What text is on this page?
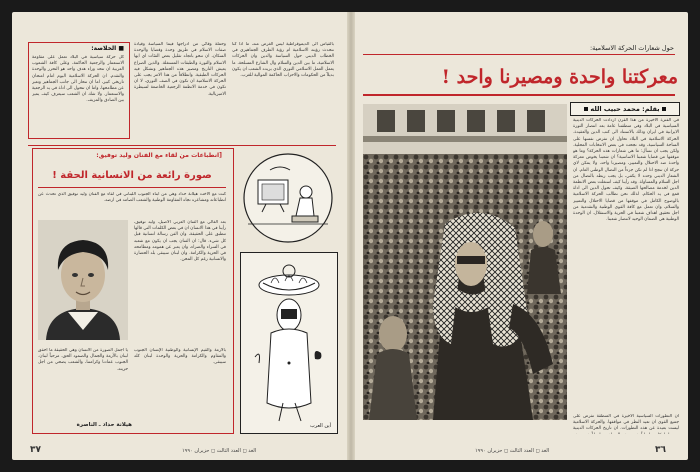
■ الخلاصة:
كل حركة سياسية في البلاد تعمل على مقاومة الاستعمار والرجعية الحاكمة، وعلى كافة الشعوب العربية ان تتحد وراء هدف واحد هو التحرر والوحدة والتقدم. ان الحركة الاسلامية اليوم امام امتحان تاريخي كبير، اما ان تنحاز الى جانب الجماهير وتعبر عن مطامحها، واما ان تتحول الى اداة في يد الرجعية والاستعمار. ولا شك ان الشعب سيعرف كيف يميز بين الصادق والمزيف.
وحملة وقائي من ادراجها فيما السياسة وقيادة صفات الاسلام في طريق وحدة وقضايا والوحدة السكان، ان تنحو باتجاه تقليل بعض الفئات اي ايها الاسلام والثورة والطبقات المستغلة. والذين الصراع يعيش التاريخ ومصير هذه الجماهير وتشكل فيه الحركات الطبقية. وانطلاقاً من هذا الامر يجب على الحركة الاسلامية ان تكون في الصف الثوري، لا ان تكون في خدمة الانظمة الرجعية الخاضعة لسيطرة الامبريالية.
بالقياس الى الديموقراطية ليس الغرض منه، ما اذا كنا نتحدث رؤيته الاسلامية ام رؤية الطرف الجماهيري في الخطاب الديني حول السياسة والدين وان الحركات الاسلامية، ما بين الدين والسلام وال الشارع المسلحة، ما يعمل العمل الاسلامي الثوري الذي يريده الشعب ان يكون بديلاً من الحكومات والاحزاب الحاكمة الموالية للغرب.
[انطباعات من لقاء مع الفنان وليد توفيق:
صورة رائعة من الانسانية الحقة !
كنت مع الأخت هيلانة حداد وهي من ابناء الجنوب اللبناني في لقاء مع الفنان وليد توفيق الذي تحدث عن انطباعاته ومشاعره تجاه المقاومة الوطنية والشعب الصامد في ارضه.
بعد الغالي مع الفنان العربي الاصيل، وليد توفيق، رأينا في هذا الانسان ان في بعض الكلمات التي قالها تنطبق على الحقيقة، وان الفن رسالة انسانية قبل كل شيء. قال: ان الفنان يجب ان يكون مع شعبه في السراء والضراء، وان يعبر عن همومه ومطامحه في الحرية والكرامة. وان لبنان سيبقى بلد الحضارة والانسانية رغم كل المحن.
يا اجمل الصورة من الانسان وهي الحقيقة ما احقق لبنان بالأرمة والجمال والصمود الحق، مرحباً لبنان. الجنوب عمادنا وكرامتنا، والشعب يضحي من اجل حريته.
بالأرمة والقيم الإنسانية والوطنية الإنسان الجنوب والمقاوم والكرامة والحرية والوحدة لبنان كله سيبقى.
هيلانة حداد ـ الناصرة	أين العرب
الغد ◻ العدد الثالث ◻ حزيران ١٩٩٠
٣٧
حول شعارات الحركة الاسلامية:
معركتنا واحدة ومصيرنا واحد !
بقلم: محمد حبيب الله
في الفترة الأخيرة من هذا القرن ازدادت الحركات الدينية السياسية في البلاد وفي منطقتنا عامة بعد انتصار الثورة الايرانية في ايران وذلك بالاستناد الى كتب الدين والعقيدة. الحركة الاسلامية في البلاد تحاول ان تفرض نفسها على الساحة السياسية، وقد نجحت في بعض الانتخابات المحلية. ولكن يجب ان نسأل: ما هي شعارات هذه الحركة؟ وما هو موقفها من قضايا شعبنا الاساسية؟ ان شعبنا يخوض معركة واحدة ضد الاحتلال والتمييز، ومصيرنا واحد، ولا يمكن لاي حركة ان تنجح اذا لم تكن جزءاً من النضال الوطني العام. ان الشعار الديني وحده لا يكفي، بل يجب ربطه بالنضال من اجل السلام والمساواة. وقد رأينا كيف استغلت بعض الانظمة الدين لخدمة مصالحها الضيقة، وكيف تحول الدين الى اداة قمع في يد الحكام. لذلك نحن نطالب الحركة الاسلامية بالوضوح الكامل في موقفها من قضايا الاحتلال والتمييز والسلام، وان تعمل مع كافة القوى الوطنية والتقدمية من اجل تحقيق اهداف شعبنا في الحرية والاستقلال. ان الوحدة الوطنية هي الضمان الوحيد لانتصار شعبنا.
ان التطورات السياسية الاخيرة في المنطقة تفرض على جميع القوى ان تعيد النظر في مواقفها. والحركة الاسلامية ليست بعيدة عن هذه التطورات. ان تاريخ الحركات الدينية
الغد ◻ العدد الثالث ◻ حزيران ١٩٩٠	٣٦
